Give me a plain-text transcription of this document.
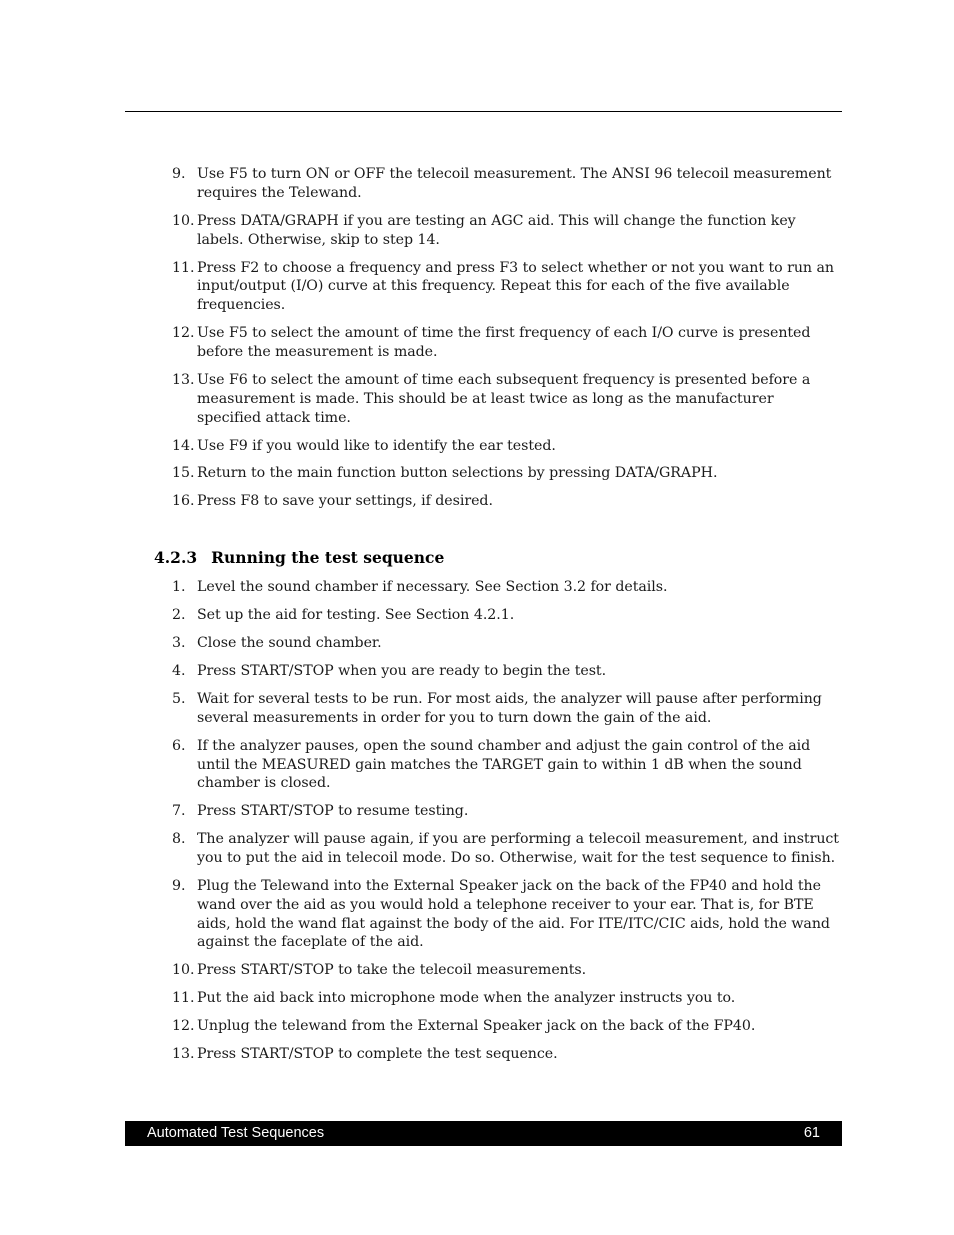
9. Use F5 to turn ON or OFF the telecoil measurement. The ANSI 96 telecoil measurement requires the Telewand.
10. Press DATA/GRAPH if you are testing an AGC aid. This will change the function key labels. Otherwise, skip to step 14.
11. Press F2 to choose a frequency and press F3 to select whether or not you want to run an input/output (I/O) curve at this frequency. Repeat this for each of the five available frequencies.
12. Use F5 to select the amount of time the first frequency of each I/O curve is presented before the measurement is made.
13. Use F6 to select the amount of time each subsequent frequency is presented before a measurement is made. This should be at least twice as long as the manufacturer specified attack time.
14. Use F9 if you would like to identify the ear tested.
15. Return to the main function button selections by pressing DATA/GRAPH.
16. Press F8 to save your settings, if desired.
4.2.3 Running the test sequence
1. Level the sound chamber if necessary. See Section 3.2 for details.
2. Set up the aid for testing. See Section 4.2.1.
3. Close the sound chamber.
4. Press START/STOP when you are ready to begin the test.
5. Wait for several tests to be run. For most aids, the analyzer will pause after performing several measurements in order for you to turn down the gain of the aid.
6. If the analyzer pauses, open the sound chamber and adjust the gain control of the aid until the MEASURED gain matches the TARGET gain to within 1 dB when the sound chamber is closed.
7. Press START/STOP to resume testing.
8. The analyzer will pause again, if you are performing a telecoil measurement, and instruct you to put the aid in telecoil mode. Do so. Otherwise, wait for the test sequence to finish.
9. Plug the Telewand into the External Speaker jack on the back of the FP40 and hold the wand over the aid as you would hold a telephone receiver to your ear. That is, for BTE aids, hold the wand flat against the body of the aid. For ITE/ITC/CIC aids, hold the wand against the faceplate of the aid.
10. Press START/STOP to take the telecoil measurements.
11. Put the aid back into microphone mode when the analyzer instructs you to.
12. Unplug the telewand from the External Speaker jack on the back of the FP40.
13. Press START/STOP to complete the test sequence.
Automated Test Sequences	61
